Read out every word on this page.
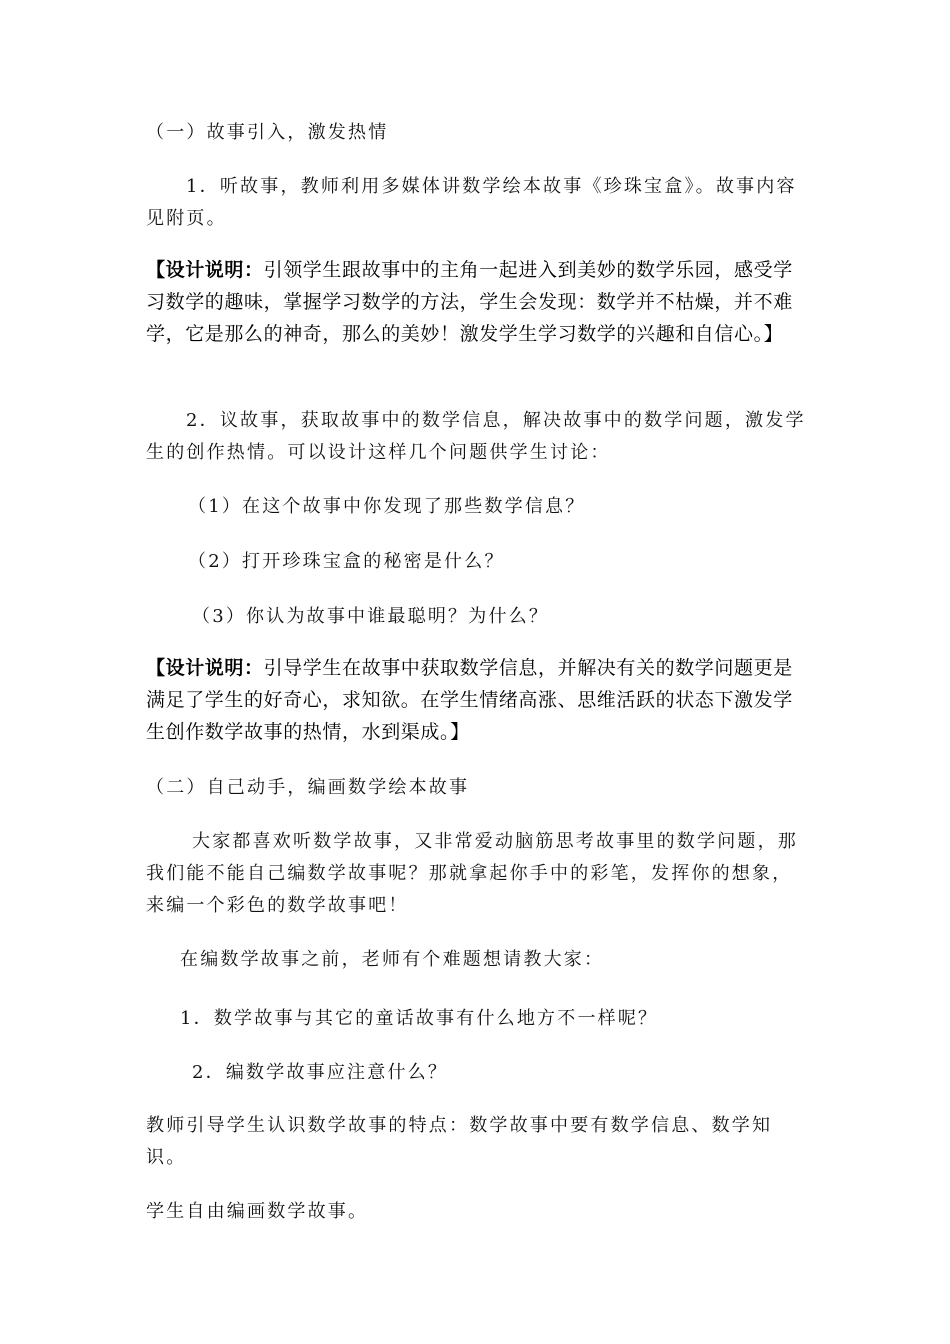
（一）故事引入，激发热情

1．听故事，教师利用多媒体讲数学绘本故事《珍珠宝盒》。故事内容见附页。

【设计说明：引领学生跟故事中的主角一起进入到美妙的数学乐园，感受学习数学的趣味，掌握学习数学的方法，学生会发现：数学并不枯燥，并不难学，它是那么的神奇，那么的美妙！激发学生学习数学的兴趣和自信心。】

2．议故事，获取故事中的数学信息，解决故事中的数学问题，激发学生的创作热情。可以设计这样几个问题供学生讨论：

（1）在这个故事中你发现了那些数学信息？

（2）打开珍珠宝盒的秘密是什么？

（3）你认为故事中谁最聪明？为什么？

【设计说明：引导学生在故事中获取数学信息，并解决有关的数学问题更是满足了学生的好奇心，求知欲。在学生情绪高涨、思维活跃的状态下激发学生创作数学故事的热情，水到渠成。】

（二）自己动手，编画数学绘本故事

大家都喜欢听数学故事，又非常爱动脑筋思考故事里的数学问题，那我们能不能自己编数学故事呢？那就拿起你手中的彩笔，发挥你的想象，来编一个彩色的数学故事吧！

在编数学故事之前，老师有个难题想请教大家：

1．数学故事与其它的童话故事有什么地方不一样呢？

2．编数学故事应注意什么？

教师引导学生认识数学故事的特点：数学故事中要有数学信息、数学知识。

学生自由编画数学故事。
